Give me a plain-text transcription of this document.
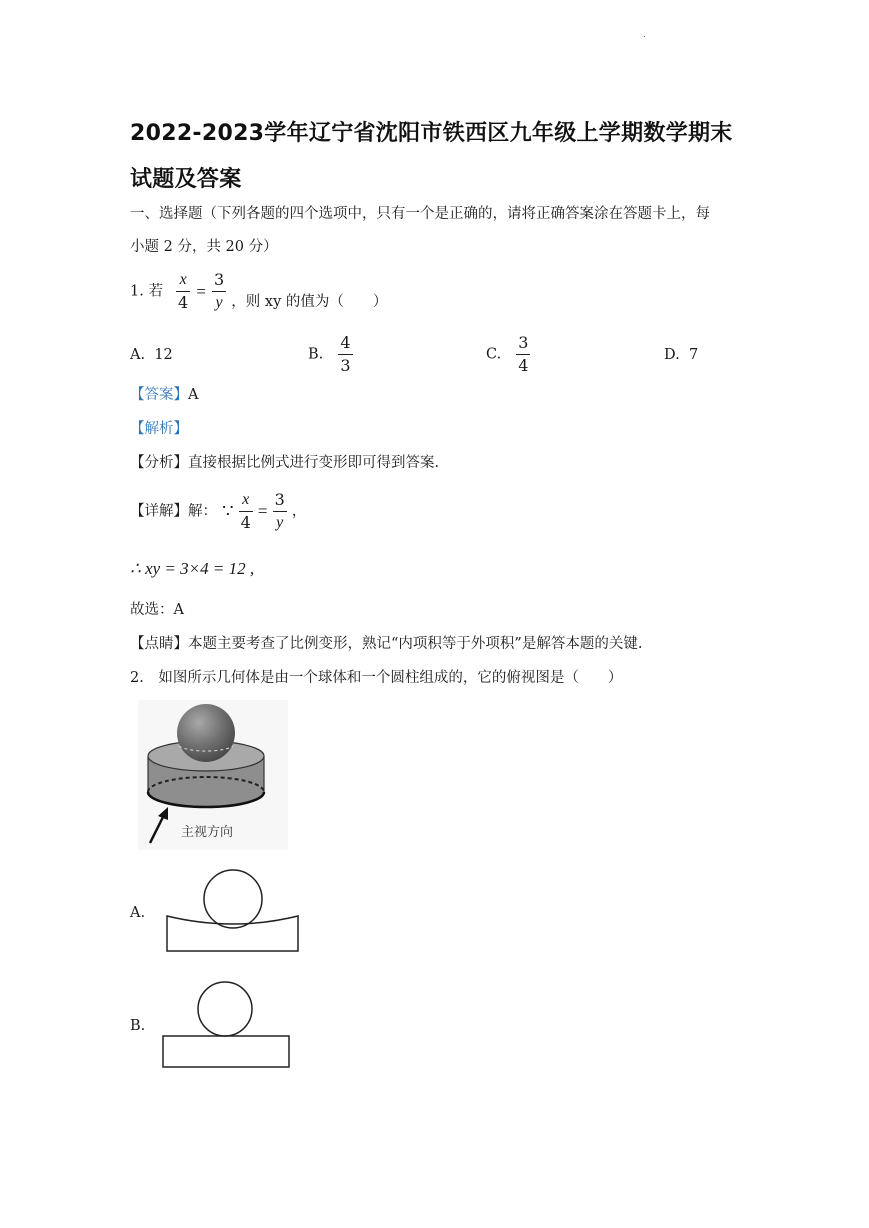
.
2022-2023学年辽宁省沈阳市铁西区九年级上学期数学期末
试题及答案
一、选择题（下列各题的四个选项中，只有一个是正确的，请将正确答案涂在答题卡上，每
小题 2 分，共 20 分）
1. 若 $\frac{x}{4} = \frac{3}{y}$ ，则 xy 的值为（　　）
A. 12	B. $\frac{4}{3}$	C. $\frac{3}{4}$	D. 7
【答案】A
【解析】
【分析】直接根据比例式进行变形即可得到答案.
【详解】解： ∵ $\frac{x}{4} = \frac{3}{y}$ ，
∴ xy = 3×4 = 12 ,
故选：A
【点睛】本题主要考查了比例变形，熟记“内项积等于外项积”是解答本题的关键.
2.　如图所示几何体是由一个球体和一个圆柱组成的，它的俯视图是（　　）
主视方向
A.
B.
